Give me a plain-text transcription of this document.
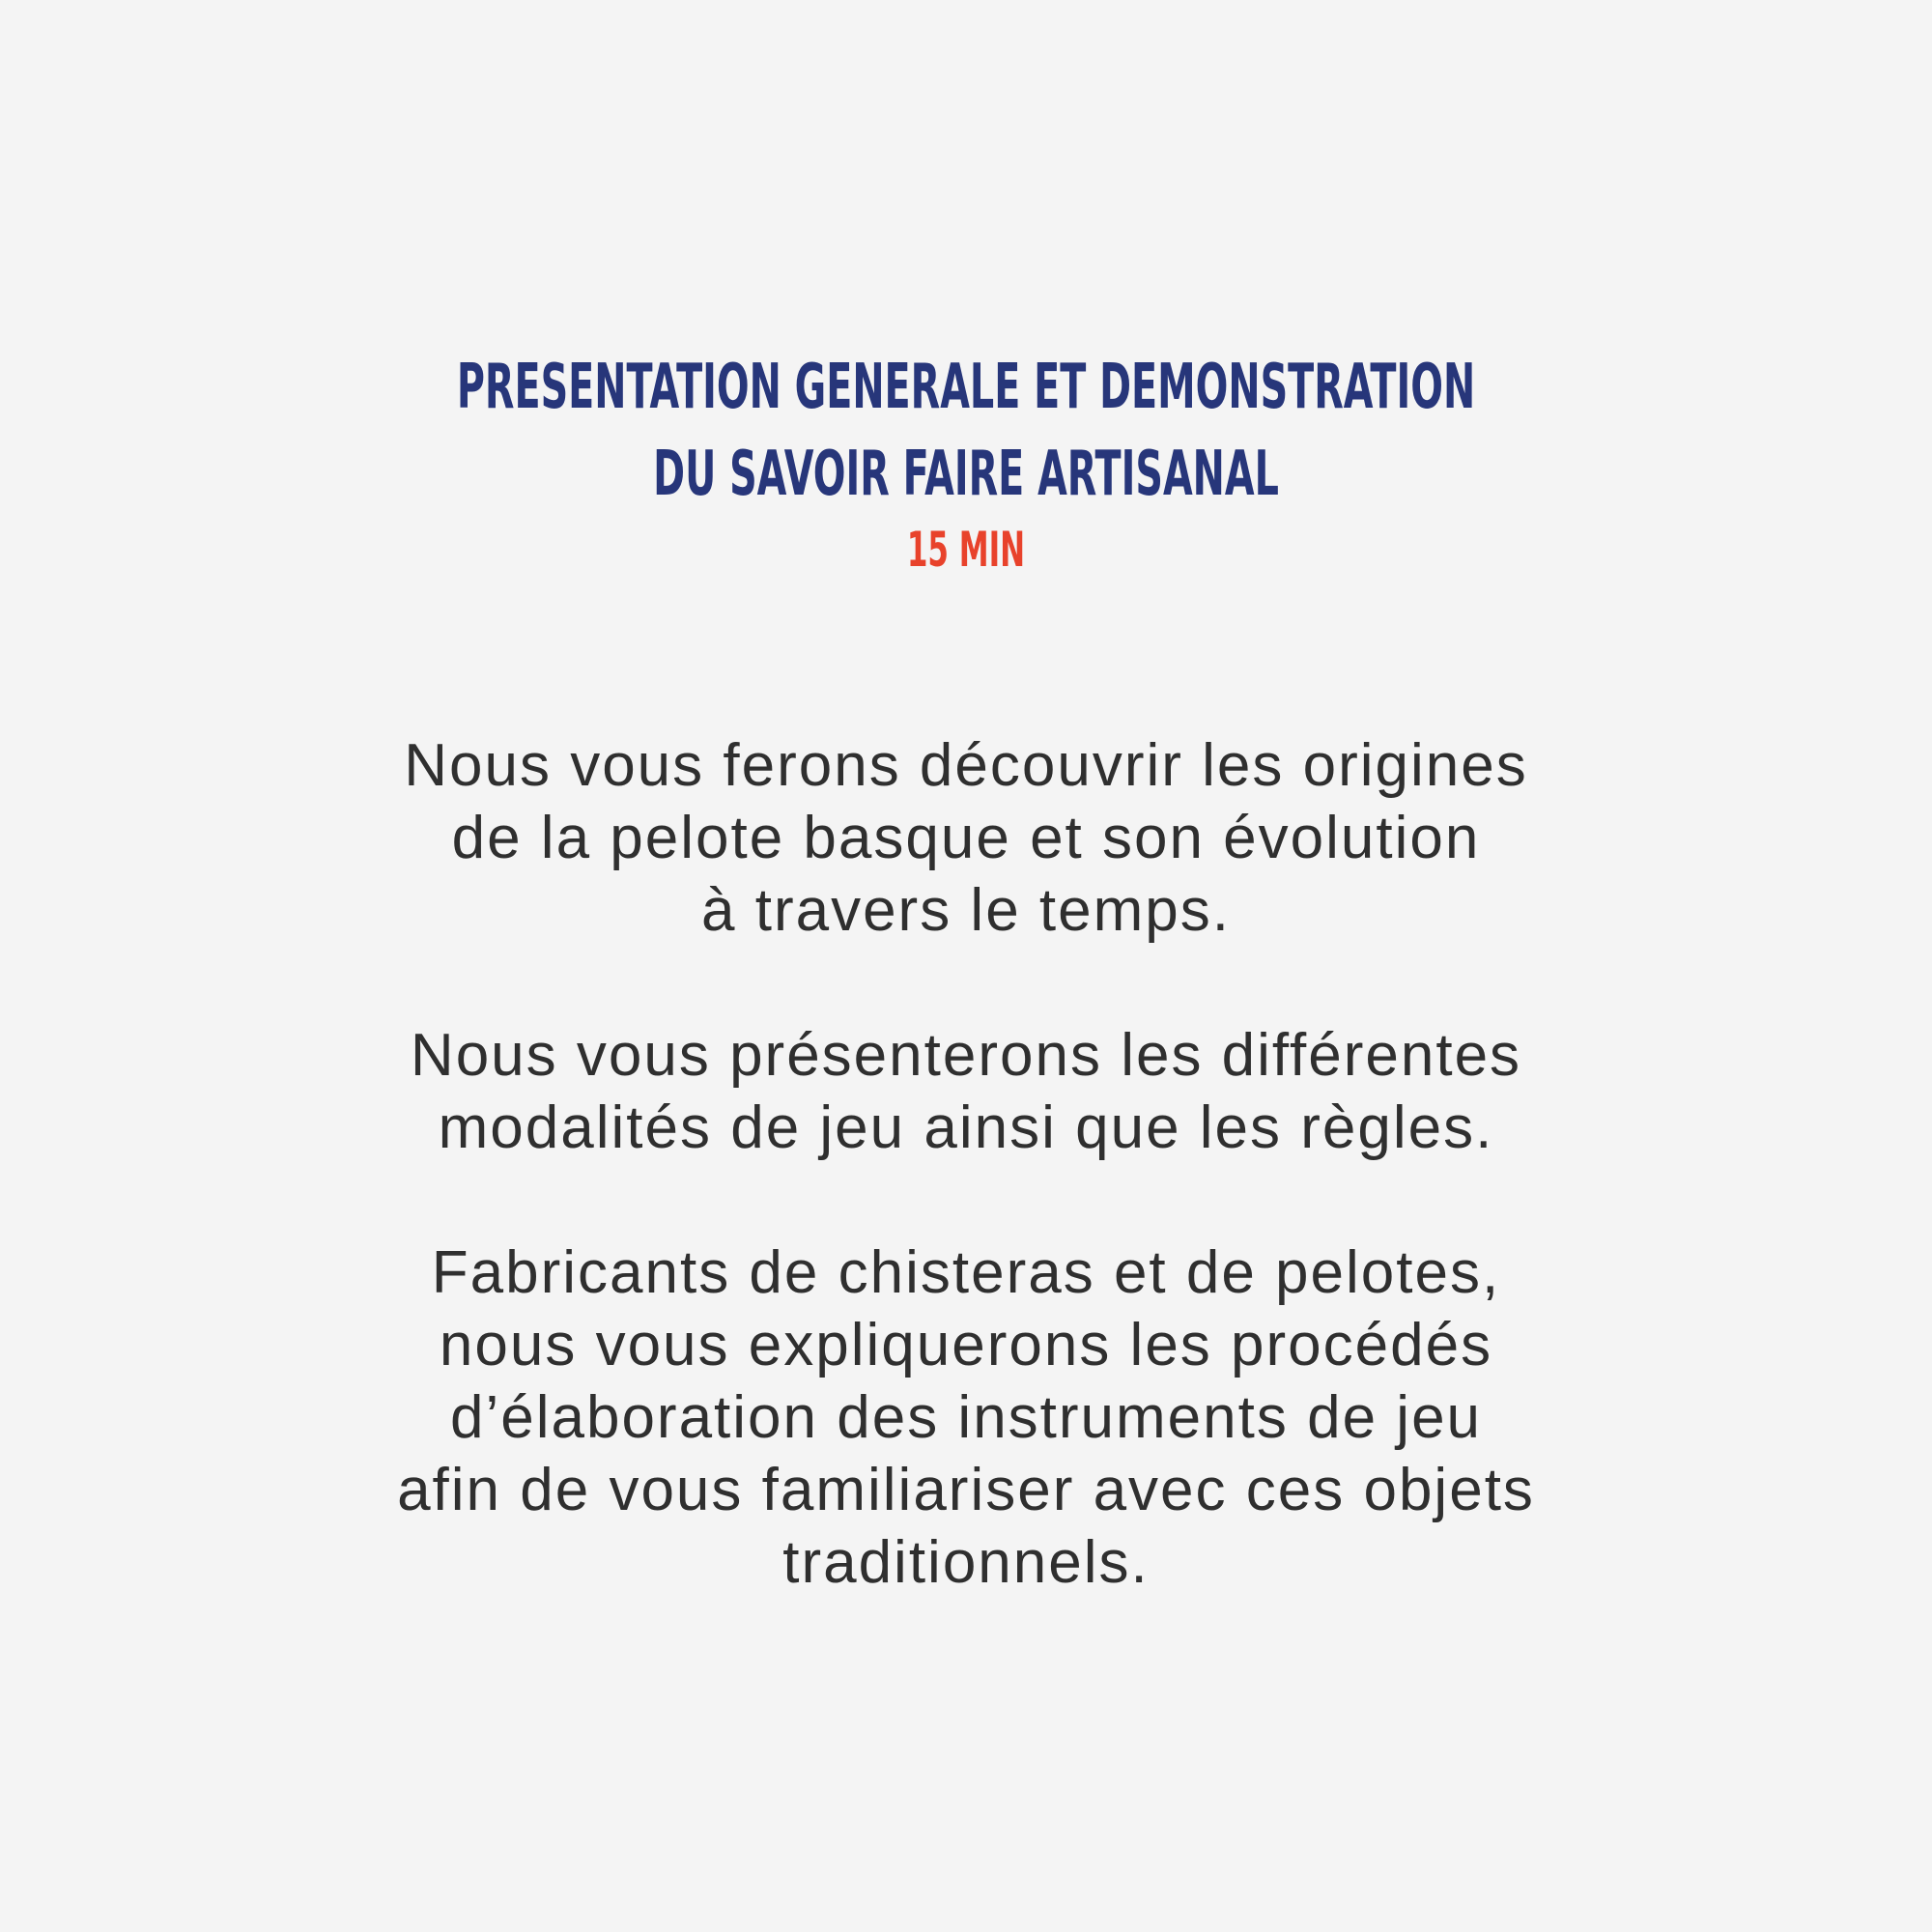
PRESENTATION GENERALE ET DEMONSTRATION
DU SAVOIR FAIRE ARTISANAL
15 MIN
Nous vous ferons découvrir les origines
de la pelote basque et son évolution
à travers le temps.
Nous vous présenterons les différentes
modalités de jeu ainsi que les règles.
Fabricants de chisteras et de pelotes,
nous vous expliquerons les procédés
d’élaboration des instruments de jeu
afin de vous familiariser avec ces objets
traditionnels.
